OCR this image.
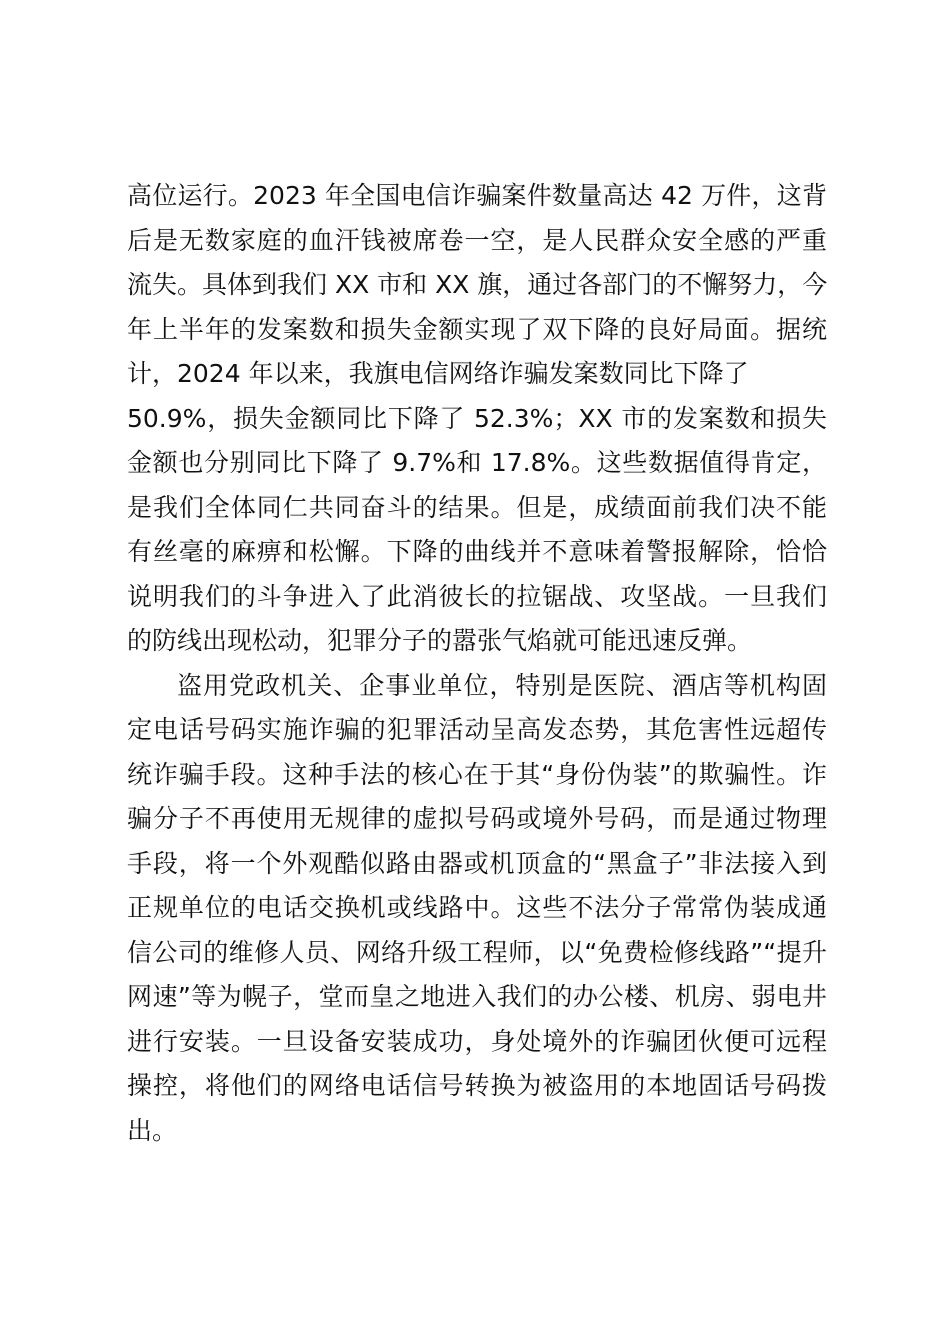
高位运行。2023 年全国电信诈骗案件数量高达 42 万件，这背
后是无数家庭的血汗钱被席卷一空，是人民群众安全感的严重
流失。具体到我们 XX 市和 XX 旗，通过各部门的不懈努力，今
年上半年的发案数和损失金额实现了双下降的良好局面。据统
计，2024 年以来，我旗电信网络诈骗发案数同比下降了
50.9%，损失金额同比下降了 52.3%；XX 市的发案数和损失
金额也分别同比下降了 9.7%和 17.8%。这些数据值得肯定，
是我们全体同仁共同奋斗的结果。但是，成绩面前我们决不能
有丝毫的麻痹和松懈。下降的曲线并不意味着警报解除，恰恰
说明我们的斗争进入了此消彼长的拉锯战、攻坚战。一旦我们
的防线出现松动，犯罪分子的嚣张气焰就可能迅速反弹。

盗用党政机关、企事业单位，特别是医院、酒店等机构固
定电话号码实施诈骗的犯罪活动呈高发态势，其危害性远超传
统诈骗手段。这种手法的核心在于其“身份伪装”的欺骗性。诈
骗分子不再使用无规律的虚拟号码或境外号码，而是通过物理
手段，将一个外观酷似路由器或机顶盒的“黑盒子”非法接入到
正规单位的电话交换机或线路中。这些不法分子常常伪装成通
信公司的维修人员、网络升级工程师，以“免费检修线路”“提升
网速”等为幌子，堂而皇之地进入我们的办公楼、机房、弱电井
进行安装。一旦设备安装成功，身处境外的诈骗团伙便可远程
操控，将他们的网络电话信号转换为被盗用的本地固话号码拨
出。
